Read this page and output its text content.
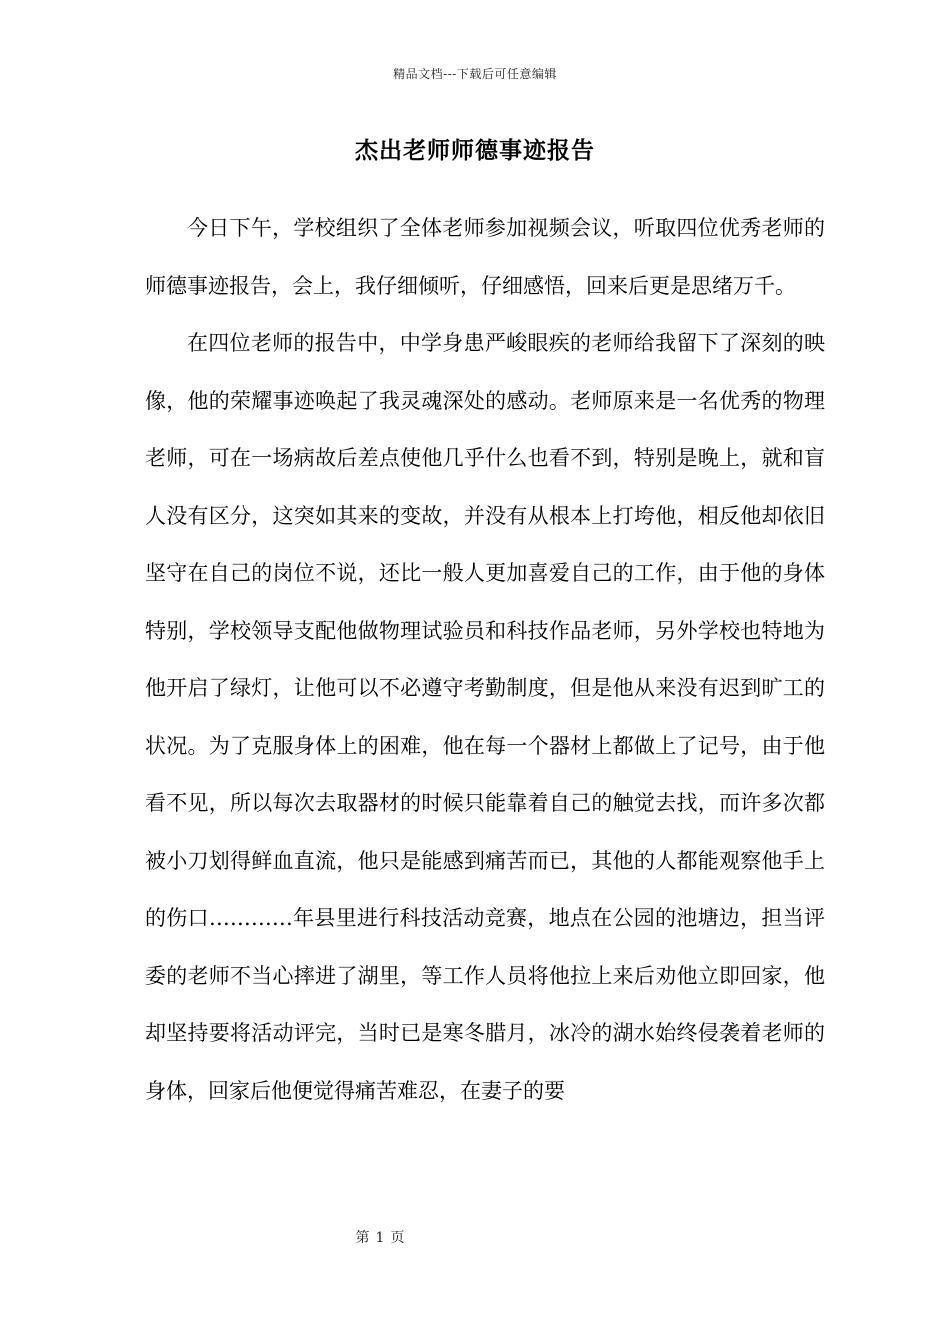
精品文档---下载后可任意编辑
杰出老师师德事迹报告

今日下午，学校组织了全体老师参加视频会议，听取四位优秀老师的师德事迹报告，会上，我仔细倾听，仔细感悟，回来后更是思绪万千。

在四位老师的报告中，中学身患严峻眼疾的老师给我留下了深刻的映像，他的荣耀事迹唤起了我灵魂深处的感动。老师原来是一名优秀的物理老师，可在一场病故后差点使他几乎什么也看不到，特别是晚上，就和盲人没有区分，这突如其来的变故，并没有从根本上打垮他，相反他却依旧坚守在自己的岗位不说，还比一般人更加喜爱自己的工作，由于他的身体特别，学校领导支配他做物理试验员和科技作品老师，另外学校也特地为他开启了绿灯，让他可以不必遵守考勤制度，但是他从来没有迟到旷工的状况。为了克服身体上的困难，他在每一个器材上都做上了记号，由于他看不见，所以每次去取器材的时候只能靠着自己的触觉去找，而许多次都被小刀划得鲜血直流，他只是能感到痛苦而已，其他的人都能观察他手上的伤口…………年县里进行科技活动竞赛，地点在公园的池塘边，担当评委的老师不当心摔进了湖里，等工作人员将他拉上来后劝他立即回家，他却坚持要将活动评完，当时已是寒冬腊月，冰冷的湖水始终侵袭着老师的身体，回家后他便觉得痛苦难忍，在妻子的要

第 1 页
